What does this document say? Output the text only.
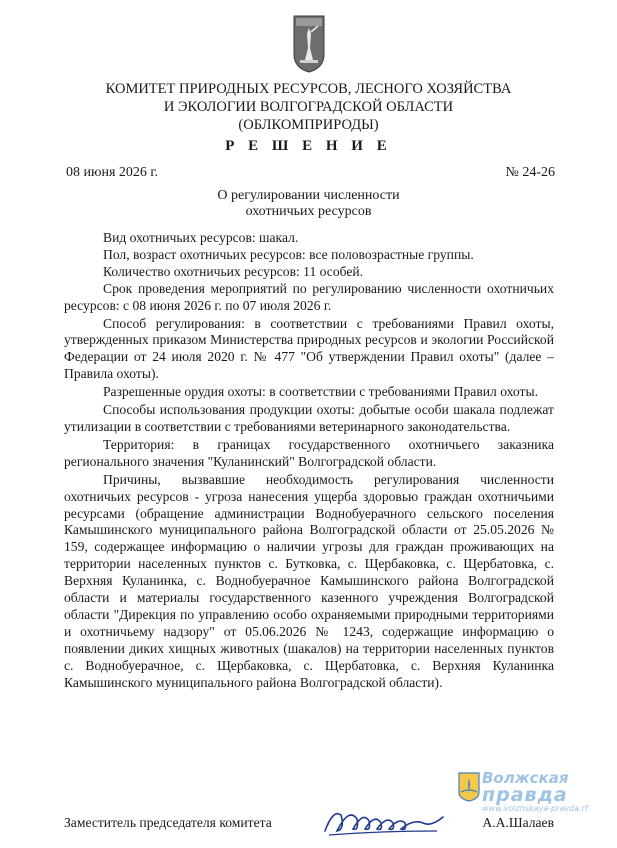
КОМИТЕТ ПРИРОДНЫХ РЕСУРСОВ, ЛЕСНОГО ХОЗЯЙСТВА
И ЭКОЛОГИИ ВОЛГОГРАДСКОЙ ОБЛАСТИ
(ОБЛКОМПРИРОДЫ)
Р Е Ш Е Н И Е
08 июня 2026 г.	№ 24-26
О регулировании численности
охотничьих ресурсов

Вид охотничьих ресурсов: шакал.

Пол, возраст охотничьих ресурсов: все половозрастные группы.

Количество охотничьих ресурсов: 11 особей.

Срок проведения мероприятий по регулированию численности охотничьих ресурсов: с 08 июня 2026 г. по 07 июля 2026 г.

Способ регулирования: в соответствии с требованиями Правил охоты, утвержденных приказом Министерства природных ресурсов и экологии Российской Федерации от 24 июля 2020 г. № 477 "Об утверждении Правил охоты" (далее – Правила охоты).

Разрешенные орудия охоты: в соответствии с требованиями Правил охоты.

Способы использования продукции охоты: добытые особи шакала подлежат утилизации в соответствии с требованиями ветеринарного законодательства.

Территория: в границах государственного охотничьего заказника регионального значения "Куланинский" Волгоградской области.

Причины, вызвавшие необходимость регулирования численности охотничьих ресурсов - угроза нанесения ущерба здоровью граждан охотничьими ресурсами (обращение администрации Воднобуерачного сельского поселения Камышинского муниципального района Волгоградской области от 25.05.2026 № 159, содержащее информацию о наличии угрозы для граждан проживающих на территории населенных пунктов с. Бутковка, с. Щербаковка, с. Щербатовка, с. Верхняя Куланинка, с. Воднобуерачное Камышинского района Волгоградской области и материалы государственного казенного учреждения Волгоградской области "Дирекция по управлению особо охраняемыми природными территориями и охотничьему надзору" от 05.06.2026 № 1243, содержащие информацию о появлении диких хищных животных (шакалов) на территории населенных пунктов с. Воднобуерачное, с. Щербаковка, с. Щербатовка, с. Верхняя Куланинка Камышинского муниципального района Волгоградской области).

Заместитель председателя комитета	А.А.Шалаев
Волжская
правда
www.volzhskaya-pravda.rf
